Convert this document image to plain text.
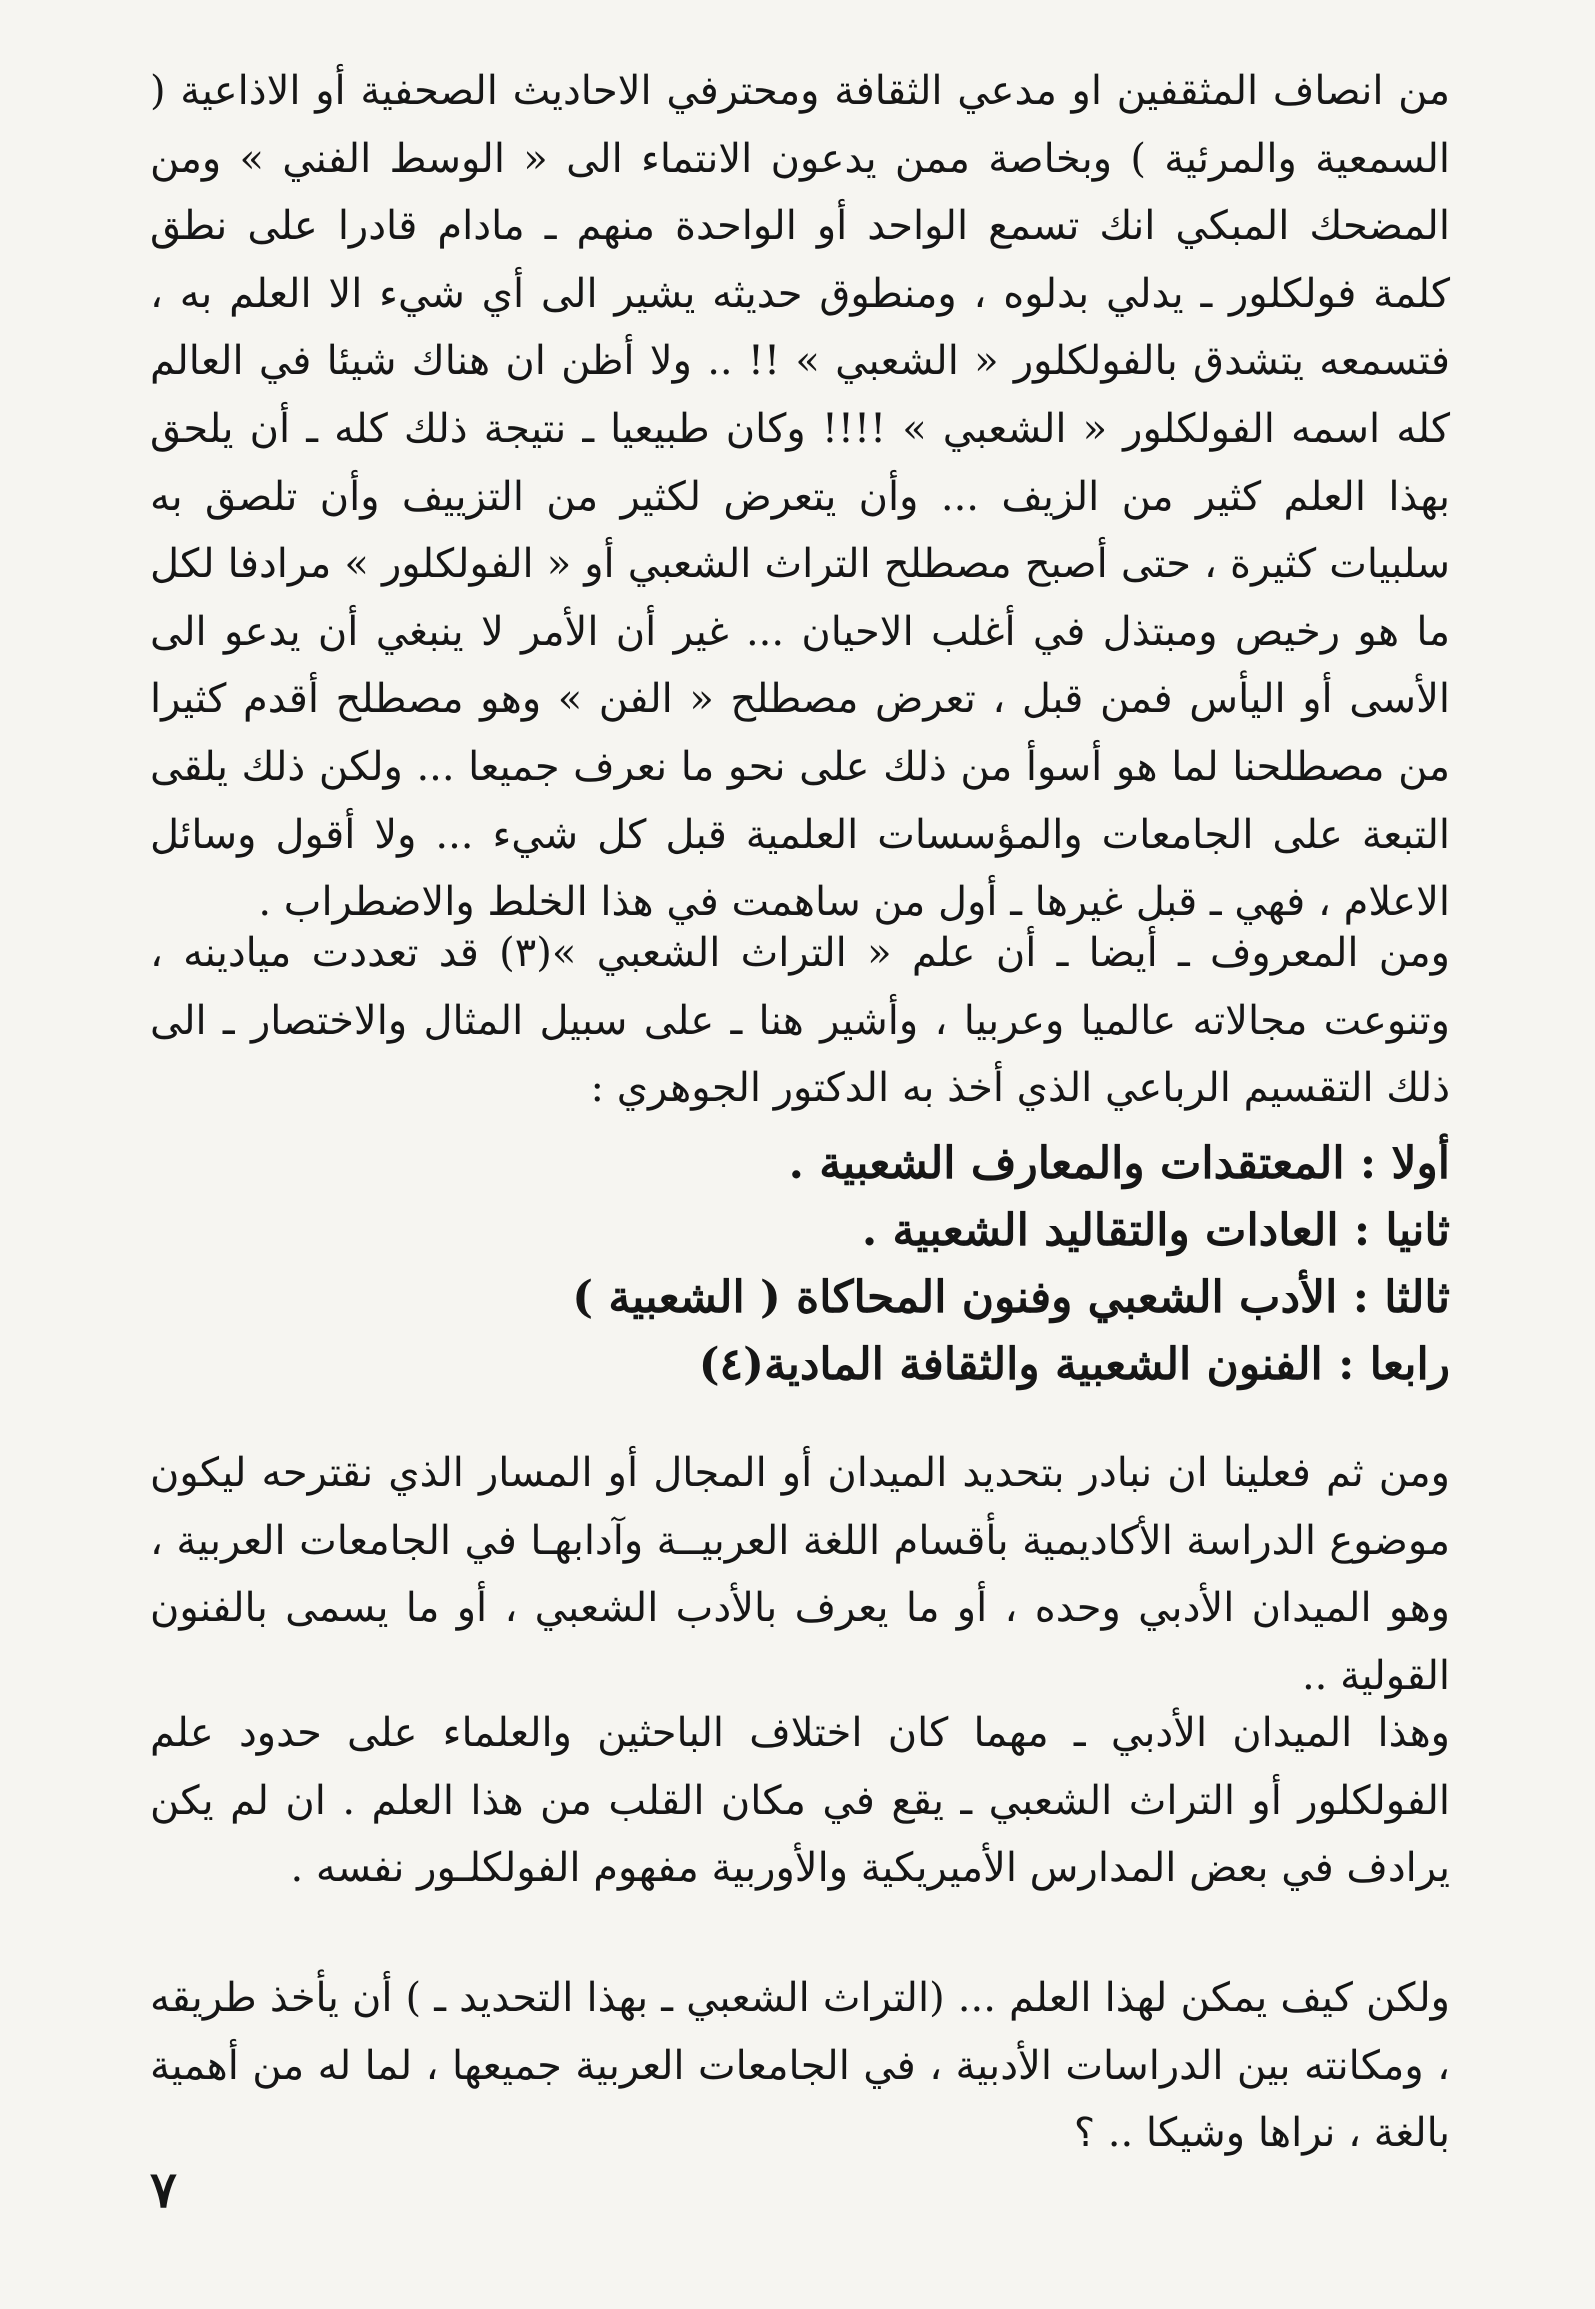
من انصاف المثقفين او مدعي الثقافة ومحترفي الاحاديث الصحفية أو الاذاعية ( السمعية والمرئية ) وبخاصة ممن يدعون الانتماء الى « الوسط الفني » ومن المضحك المبكي انك تسمع الواحد أو الواحدة منهم ـ مادام قادرا على نطق كلمة فولكلور ـ يدلي بدلوه ، ومنطوق حديثه يشير الى أي شيء الا العلم به ، فتسمعه يتشدق بالفولكلور « الشعبي » !! .. ولا أظن ان هناك شيئا في العالم كله اسمه الفولكلور « الشعبي » !!!! وكان طبيعيا ـ نتيجة ذلك كله ـ أن يلحق بهذا العلم كثير من الزيف ... وأن يتعرض لكثير من التزييف وأن تلصق به سلبيات كثيرة ، حتى أصبح مصطلح التراث الشعبي أو « الفولكلور » مرادفا لكل ما هو رخيص ومبتذل في أغلب الاحيان ... غير أن الأمر لا ينبغي أن يدعو الى الأسى أو اليأس فمن قبل ، تعرض مصطلح « الفن » وهو مصطلح أقدم كثيرا من مصطلحنا لما هو أسوأ من ذلك على نحو ما نعرف جميعا ... ولكن ذلك يلقى التبعة على الجامعات والمؤسسات العلمية قبل كل شيء ... ولا أقول وسائل الاعلام ، فهي ـ قبل غيرها ـ أول من ساهمت في هذا الخلط والاضطراب .

ومن المعروف ـ أيضا ـ أن علم « التراث الشعبي »(٣) قد تعددت ميادينه ، وتنوعت مجالاته عالميا وعربيا ، وأشير هنا ـ على سبيل المثال والاختصار ـ الى ذلك التقسيم الرباعي الذي أخذ به الدكتور الجوهري :

أولا : المعتقدات والمعارف الشعبية .
ثانيا : العادات والتقاليد الشعبية .
ثالثا : الأدب الشعبي وفنون المحاكاة ( الشعبية )
رابعا : الفنون الشعبية والثقافة المادية(٤)

ومن ثم فعلينا ان نبادر بتحديد الميدان أو المجال أو المسار الذي نقترحه ليكون موضوع الدراسة الأكاديمية بأقسام اللغة العربيــة وآدابهـا في الجامعات العربية ، وهو الميدان الأدبي وحده ، أو ما يعرف بالأدب الشعبي ، أو ما يسمى بالفنون القولية ..

وهذا الميدان الأدبي ـ مهما كان اختلاف الباحثين والعلماء على حدود علم الفولكلور أو التراث الشعبي ـ يقع في مكان القلب من هذا العلم . ان لم يكن يرادف في بعض المدارس الأميريكية والأوربية مفهوم الفولكلـور نفسه .

ولكن كيف يمكن لهذا العلم ... (التراث الشعبي ـ بهذا التحديد ـ ) أن يأخذ طريقه ، ومكانته بين الدراسات الأدبية ، في الجامعات العربية جميعها ، لما له من أهمية بالغة ، نراها وشيكا .. ؟

٧
